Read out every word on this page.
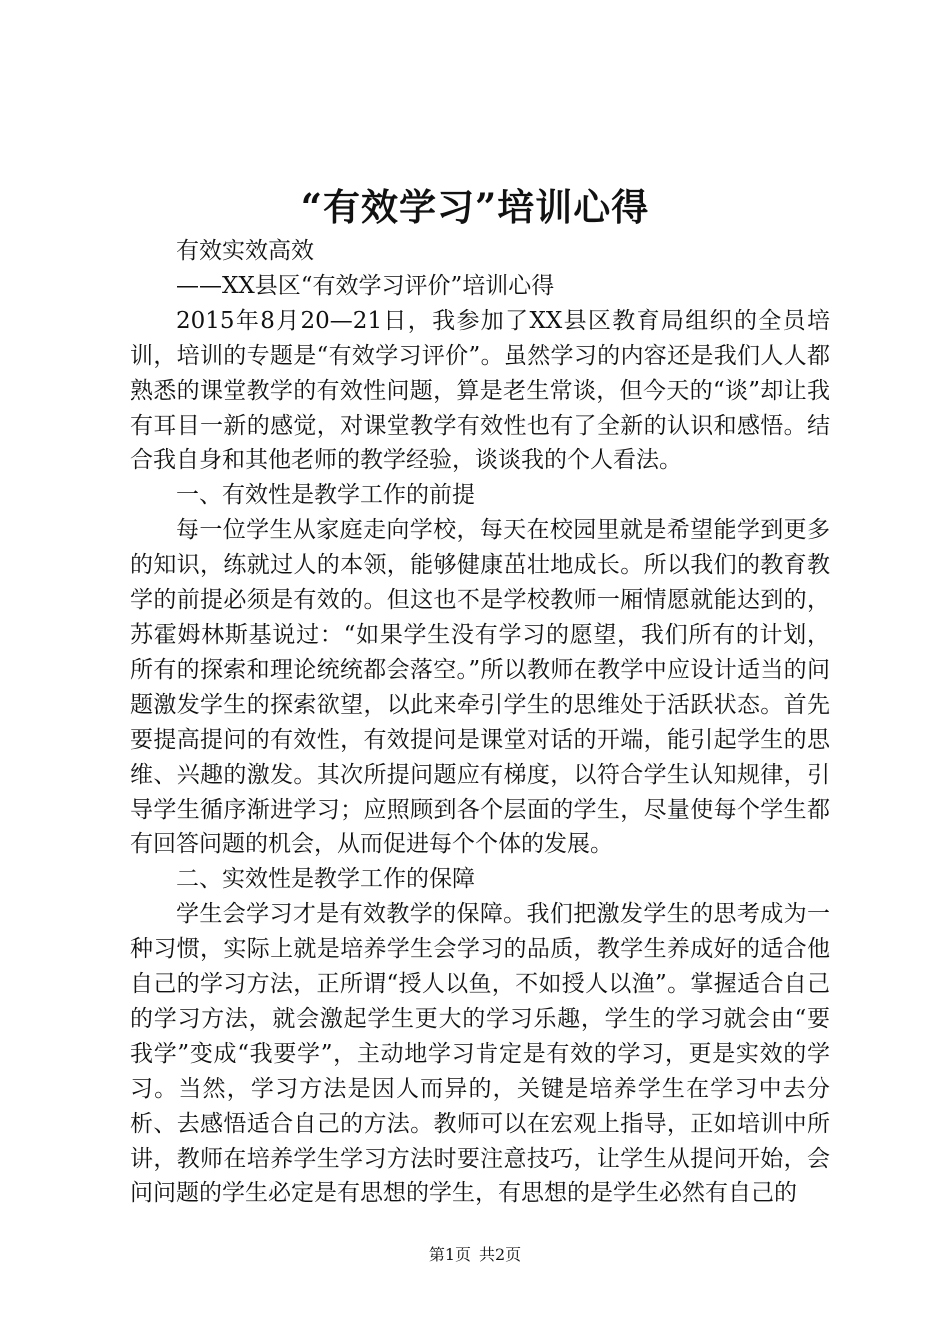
“有效学习”培训心得

有效实效高效

——XX县区“有效学习评价”培训心得

2015年8月20—21日，我参加了XX县区教育局组织的全员培训，培训的专题是“有效学习评价”。虽然学习的内容还是我们人人都熟悉的课堂教学的有效性问题，算是老生常谈，但今天的“谈”却让我有耳目一新的感觉，对课堂教学有效性也有了全新的认识和感悟。结合我自身和其他老师的教学经验，谈谈我的个人看法。

一、有效性是教学工作的前提

每一位学生从家庭走向学校，每天在校园里就是希望能学到更多的知识，练就过人的本领，能够健康茁壮地成长。所以我们的教育教学的前提必须是有效的。但这也不是学校教师一厢情愿就能达到的，苏霍姆林斯基说过：“如果学生没有学习的愿望，我们所有的计划，所有的探索和理论统统都会落空。”所以教师在教学中应设计适当的问题激发学生的探索欲望，以此来牵引学生的思维处于活跃状态。首先要提高提问的有效性，有效提问是课堂对话的开端，能引起学生的思维、兴趣的激发。其次所提问题应有梯度，以符合学生认知规律，引导学生循序渐进学习；应照顾到各个层面的学生，尽量使每个学生都有回答问题的机会，从而促进每个个体的发展。

二、实效性是教学工作的保障

学生会学习才是有效教学的保障。我们把激发学生的思考成为一种习惯，实际上就是培养学生会学习的品质，教学生养成好的适合他自己的学习方法，正所谓“授人以鱼，不如授人以渔”。掌握适合自己的学习方法，就会激起学生更大的学习乐趣，学生的学习就会由“要我学”变成“我要学”，主动地学习肯定是有效的学习，更是实效的学习。当然，学习方法是因人而异的，关键是培养学生在学习中去分析、去感悟适合自己的方法。教师可以在宏观上指导，正如培训中所讲，教师在培养学生学习方法时要注意技巧，让学生从提问开始，会问问题的学生必定是有思想的学生，有思想的是学生必然有自己的

第1页 共2页
